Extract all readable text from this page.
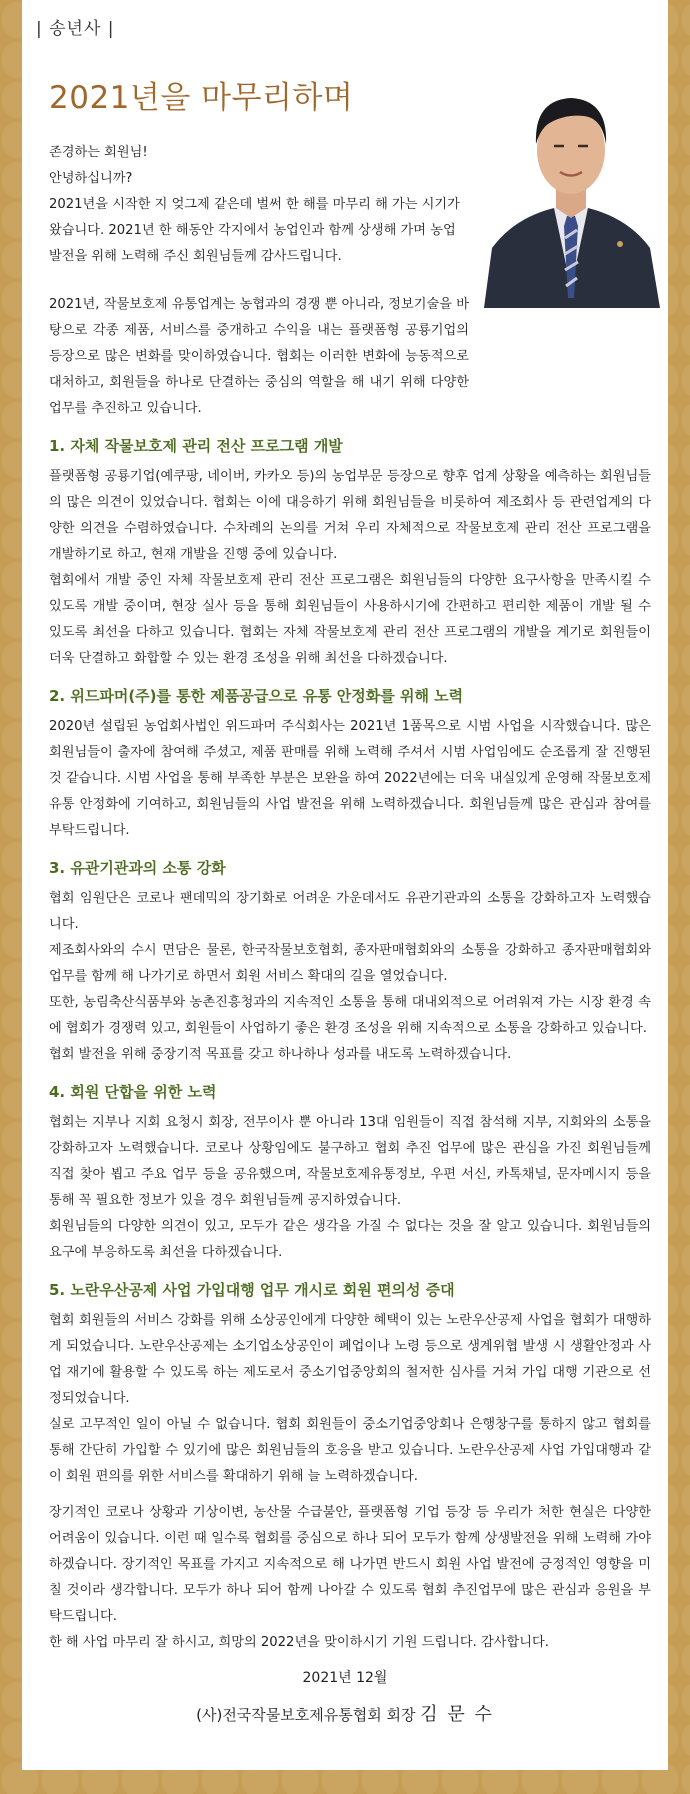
| 송년사 |
2021년을 마무리하며

존경하는 회원님!

안녕하십니까?

2021년을 시작한 지 엊그제 같은데 벌써 한 해를 마무리 해 가는 시기가 왔습니다. 2021년 한 해동안 각지에서 농업인과 함께 상생해 가며 농업 발전을 위해 노력해 주신 회원님들께 감사드립니다.

2021년, 작물보호제 유통업계는 농협과의 경쟁 뿐 아니라, 정보기술을 바탕으로 각종 제품, 서비스를 중개하고 수익을 내는 플랫폼형 공룡기업의 등장으로 많은 변화를 맞이하였습니다. 협회는 이러한 변화에 능동적으로 대처하고, 회원들을 하나로 단결하는 중심의 역할을 해 내기 위해 다양한 업무를 추진하고 있습니다.

1. 자체 작물보호제 관리 전산 프로그램 개발

플랫폼형 공룡기업(예쿠팡, 네이버, 카카오 등)의 농업부문 등장으로 향후 업계 상황을 예측하는 회원님들의 많은 의견이 있었습니다. 협회는 이에 대응하기 위해 회원님들을 비롯하여 제조회사 등 관련업계의 다양한 의견을 수렴하였습니다. 수차례의 논의를 거쳐 우리 자체적으로 작물보호제 관리 전산 프로그램을 개발하기로 하고, 현재 개발을 진행 중에 있습니다.

협회에서 개발 중인 자체 작물보호제 관리 전산 프로그램은 회원님들의 다양한 요구사항을 만족시킬 수 있도록 개발 중이며, 현장 실사 등을 통해 회원님들이 사용하시기에 간편하고 편리한 제품이 개발 될 수 있도록 최선을 다하고 있습니다. 협회는 자체 작물보호제 관리 전산 프로그램의 개발을 계기로 회원들이 더욱 단결하고 화합할 수 있는 환경 조성을 위해 최선을 다하겠습니다.

2. 위드파머(주)를 통한 제품공급으로 유통 안정화를 위해 노력

2020년 설립된 농업회사법인 위드파머 주식회사는 2021년 1품목으로 시범 사업을 시작했습니다. 많은 회원님들이 출자에 참여해 주셨고, 제품 판매를 위해 노력해 주셔서 시범 사업임에도 순조롭게 잘 진행된 것 같습니다. 시범 사업을 통해 부족한 부분은 보완을 하여 2022년에는 더욱 내실있게 운영해 작물보호제 유통 안정화에 기여하고, 회원님들의 사업 발전을 위해 노력하겠습니다. 회원님들께 많은 관심과 참여를 부탁드립니다.

3. 유관기관과의 소통 강화

협회 임원단은 코로나 팬데믹의 장기화로 어려운 가운데서도 유관기관과의 소통을 강화하고자 노력했습니다.
제조회사와의 수시 면담은 물론, 한국작물보호협회, 종자판매협회와의 소통을 강화하고 종자판매협회와 업무를 함께 해 나가기로 하면서 회원 서비스 확대의 길을 열었습니다.
또한, 농림축산식품부와 농촌진흥청과의 지속적인 소통을 통해 대내외적으로 어려워져 가는 시장 환경 속에 협회가 경쟁력 있고, 회원들이 사업하기 좋은 환경 조성을 위해 지속적으로 소통을 강화하고 있습니다.
협회 발전을 위해 중장기적 목표를 갖고 하나하나 성과를 내도록 노력하겠습니다.

4. 회원 단합을 위한 노력

협회는 지부나 지회 요청시 회장, 전무이사 뿐 아니라 13대 임원들이 직접 참석해 지부, 지회와의 소통을 강화하고자 노력했습니다. 코로나 상황임에도 불구하고 협회 추진 업무에 많은 관심을 가진 회원님들께 직접 찾아 뵙고 주요 업무 등을 공유했으며, 작물보호제유통정보, 우편 서신, 카톡채널, 문자메시지 등을 통해 꼭 필요한 정보가 있을 경우 회원님들께 공지하였습니다.
회원님들의 다양한 의견이 있고, 모두가 같은 생각을 가질 수 없다는 것을 잘 알고 있습니다. 회원님들의 요구에 부응하도록 최선을 다하겠습니다.

5. 노란우산공제 사업 가입대행 업무 개시로 회원 편의성 증대

협회 회원들의 서비스 강화를 위해 소상공인에게 다양한 혜택이 있는 노란우산공제 사업을 협회가 대행하게 되었습니다. 노란우산공제는 소기업소상공인이 폐업이나 노령 등으로 생계위협 발생 시 생활안정과 사업 재기에 활용할 수 있도록 하는 제도로서 중소기업중앙회의 철저한 심사를 거쳐 가입 대행 기관으로 선정되었습니다.
실로 고무적인 일이 아닐 수 없습니다. 협회 회원들이 중소기업중앙회나 은행창구를 통하지 않고 협회를 통해 간단히 가입할 수 있기에 많은 회원님들의 호응을 받고 있습니다. 노란우산공제 사업 가입대행과 같이 회원 편의를 위한 서비스를 확대하기 위해 늘 노력하겠습니다.

장기적인 코로나 상황과 기상이변, 농산물 수급불안, 플랫폼형 기업 등장 등 우리가 처한 현실은 다양한 어려움이 있습니다. 이런 때 일수록 협회를 중심으로 하나 되어 모두가 함께 상생발전을 위해 노력해 가야 하겠습니다. 장기적인 목표를 가지고 지속적으로 해 나가면 반드시 회원 사업 발전에 긍정적인 영향을 미칠 것이라 생각합니다. 모두가 하나 되어 함께 나아갈 수 있도록 협회 추진업무에 많은 관심과 응원을 부탁드립니다.

한 해 사업 마무리 잘 하시고, 희망의 2022년을 맞이하시기 기원 드립니다. 감사합니다.

2021년 12월
(사)전국작물보호제유통협회 회장 김 문 수
